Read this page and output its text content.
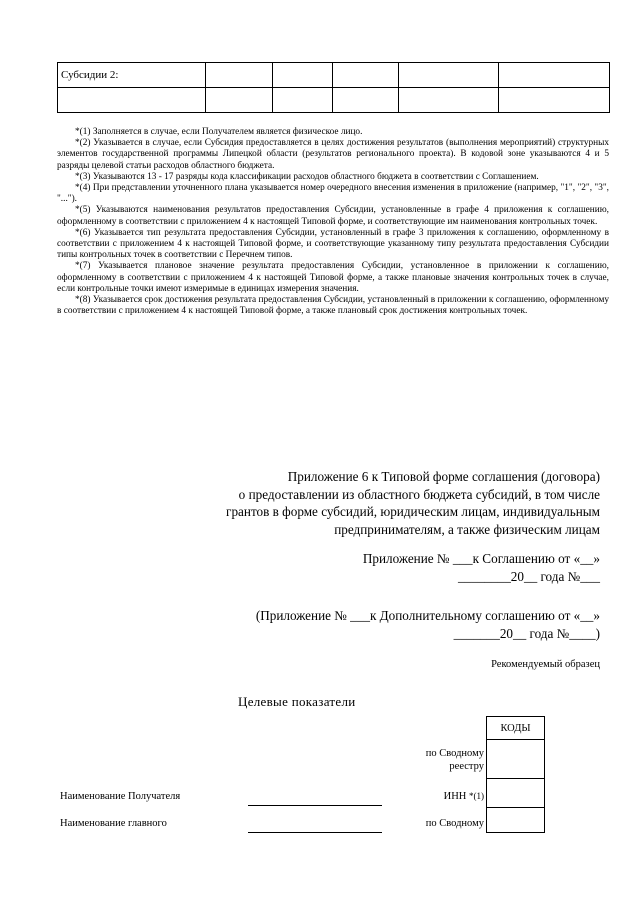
Субсидии 2:					

*(1) Заполняется в случае, если Получателем является физическое лицо.

*(2) Указывается в случае, если Субсидия предоставляется в целях достижения результатов (выполнения мероприятий) структурных элементов государственной программы Липецкой области (результатов регионального проекта). В кодовой зоне указываются 4 и 5 разряды целевой статьи расходов областного бюджета.

*(3) Указываются 13 - 17 разряды кода классификации расходов областного бюджета в соответствии с Соглашением.

*(4) При представлении уточненного плана указывается номер очередного внесения изменения в приложение (например, "1", "2", "3", "...").

*(5) Указываются наименования результатов предоставления Субсидии, установленные в графе 4 приложения к соглашению, оформленному в соответствии с приложением 4 к настоящей Типовой форме, и соответствующие им наименования контрольных точек.

*(6) Указывается тип результата предоставления Субсидии, установленный в графе 3 приложения к соглашению, оформленному в соответствии с приложением 4 к настоящей Типовой форме, и соответствующие указанному типу результата предоставления Субсидии типы контрольных точек в соответствии с Перечнем типов.

*(7) Указывается плановое значение результата предоставления Субсидии, установленное в приложении к соглашению, оформленному в соответствии с приложением 4 к настоящей Типовой форме, а также плановые значения контрольных точек в случае, если контрольные точки имеют измеримые в единицах измерения значения.

*(8) Указывается срок достижения результата предоставления Субсидии, установленный в приложении к соглашению, оформленному в соответствии с приложением 4 к настоящей Типовой форме, а также плановый срок достижения контрольных точек.

Приложение 6 к Типовой форме соглашения (договора)

о предоставлении из областного бюджета субсидий, в том числе

грантов в форме субсидий, юридическим лицам, индивидуальным

предпринимателям, а также физическим лицам

Приложение № ___к Соглашению от «__»

________20__ года №___

(Приложение № ___к Дополнительному соглашению от «__»

_______20__ года №____)

Рекомендуемый образец

Целевые показатели
КОДЫ

по Сводному
реестру
Наименование Получателя	ИНН *(1)
Наименование главного	по Сводному
